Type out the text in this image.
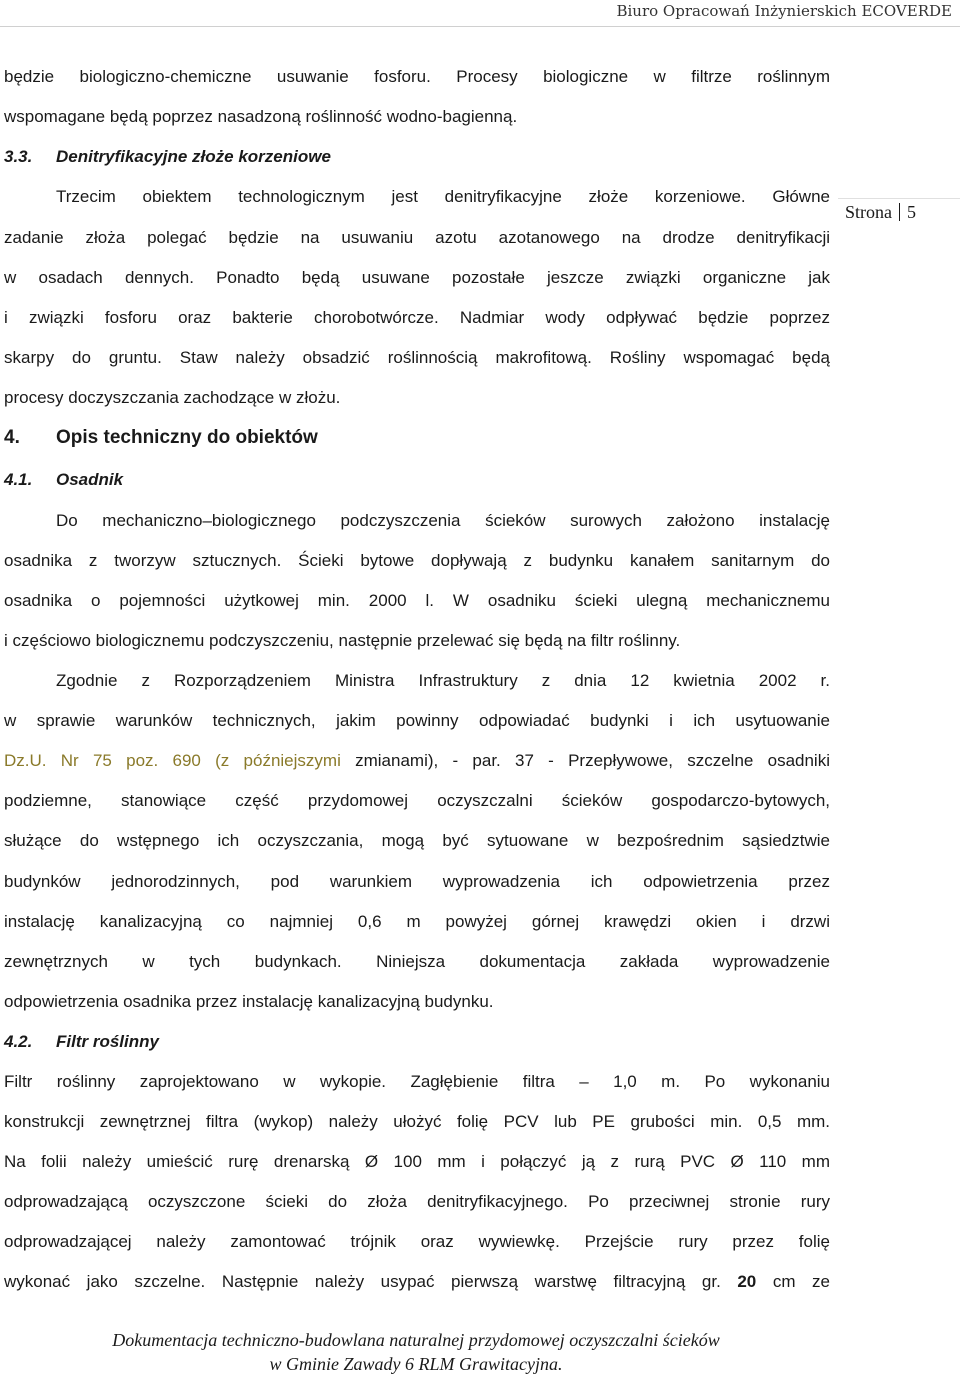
Biuro Opracowań Inżynierskich ECOVERDE
Strona 5
będzie biologiczno-chemiczne usuwanie fosforu. Procesy biologiczne w filtrze roślinnym
wspomagane będą poprzez nasadzoną roślinność wodno-bagienną.
3.3. Denitryfikacyjne złoże korzeniowe
Trzecim obiektem technologicznym jest denitryfikacyjne złoże korzeniowe. Główne
zadanie złoża polegać będzie na usuwaniu azotu azotanowego na drodze denitryfikacji
w osadach dennych. Ponadto będą usuwane pozostałe jeszcze związki organiczne jak
i związki fosforu oraz bakterie chorobotwórcze. Nadmiar wody odpływać będzie poprzez
skarpy do gruntu. Staw należy obsadzić roślinnością makrofitową. Rośliny wspomagać będą
procesy doczyszczania zachodzące w złożu.
4. Opis techniczny do obiektów
4.1. Osadnik
Do mechaniczno–biologicznego podczyszczenia ścieków surowych założono instalację
osadnika z tworzyw sztucznych. Ścieki bytowe dopływają z budynku kanałem sanitarnym do
osadnika o pojemności użytkowej min. 2000 l. W osadniku ścieki ulegną mechanicznemu
i częściowo biologicznemu podczyszczeniu, następnie przelewać się będą na filtr roślinny.
Zgodnie z Rozporządzeniem Ministra Infrastruktury z dnia 12 kwietnia 2002 r.
w sprawie warunków technicznych, jakim powinny odpowiadać budynki i ich usytuowanie
Dz.U. Nr 75 poz. 690 (z późniejszymi zmianami), - par. 37 - Przepływowe, szczelne osadniki
podziemne, stanowiące część przydomowej oczyszczalni ścieków gospodarczo-bytowych,
służące do wstępnego ich oczyszczania, mogą być sytuowane w bezpośrednim sąsiedztwie
budynków jednorodzinnych, pod warunkiem wyprowadzenia ich odpowietrzenia przez
instalację kanalizacyjną co najmniej 0,6 m powyżej górnej krawędzi okien i drzwi
zewnętrznych w tych budynkach. Niniejsza dokumentacja zakłada wyprowadzenie
odpowietrzenia osadnika przez instalację kanalizacyjną budynku.
4.2. Filtr roślinny
Filtr roślinny zaprojektowano w wykopie. Zagłębienie filtra – 1,0 m. Po wykonaniu
konstrukcji zewnętrznej filtra (wykop) należy ułożyć folię PCV lub PE grubości min. 0,5 mm.
Na folii należy umieścić rurę drenarską Ø 100 mm i połączyć ją z rurą PVC Ø 110 mm
odprowadzającą oczyszczone ścieki do złoża denitryfikacyjnego. Po przeciwnej stronie rury
odprowadzającej należy zamontować trójnik oraz wywiewkę. Przejście rury przez folię
wykonać jako szczelne. Następnie należy usypać pierwszą warstwę filtracyjną gr. 20 cm ze
Dokumentacja techniczno-budowlana naturalnej przydomowej oczyszczalni ścieków
w Gminie Zawady 6 RLM Grawitacyjna.
